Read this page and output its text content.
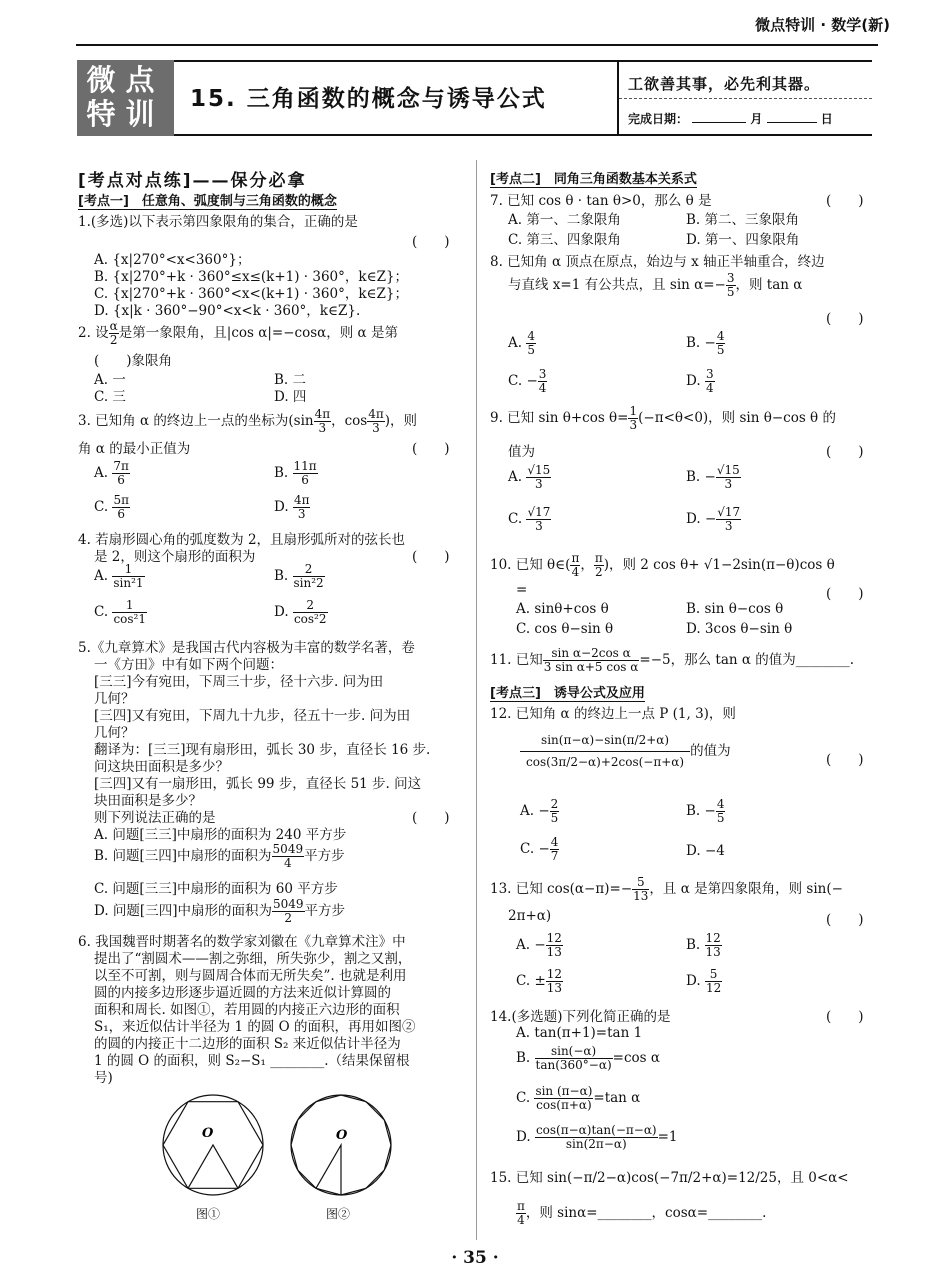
微点特训 · 数学(新)
微点
特训	15. 三角函数的概念与诱导公式
工欲善其事，必先利其器。
完成日期：	月	日
[考点对点练]——保分必拿
[考点一]　任意角、弧度制与三角函数的概念
1.(多选)以下表示第四象限角的集合，正确的是
(　　)
A. {x|270°<x<360°}；
B. {x|270°+k · 360°≤x≤(k+1) · 360°，k∈Z}；
C. {x|270°+k · 360°<x<(k+1) · 360°，k∈Z}；
D. {x|k · 360°−90°<x<k · 360°，k∈Z}.
2. 设 $\frac{\alpha}{2}$ 是第一象限角，且|cos α|=−cosα，则 α 是第
(　　)象限角
A. 一	B. 二
C. 三	D. 四
3. 已知角 α 的终边上一点的坐标为($\sin \frac{4\pi}{3}$ ，$\cos \frac{4\pi}{3}$ )，则
角 α 的最小正值为	(　　)
A. $\frac{7\pi}{6}$	B. $\frac{11\pi}{6}$
C. $\frac{5\pi}{6}$	D. $\frac{4\pi}{3}$
4. 若扇形圆心角的弧度数为 2，且扇形弧所对的弦长也
是 2，则这个扇形的面积为	(　　)
A. $\frac{1}{\text{sin²1}}$	B. $\frac{2}{\text{sin²2}}$
C. $\frac{1}{\text{cos²1}}$	D. $\frac{2}{\text{cos²2}}$
5.《九章算术》是我国古代内容极为丰富的数学名著，卷
一《方田》中有如下两个问题：
[三三]今有宛田，下周三十步，径十六步. 问为田
几何？
[三四]又有宛田，下周九十九步，径五十一步. 问为田
几何？
翻译为：[三三]现有扇形田，弧长 30 步，直径长 16 步.
问这块田面积是多少？
[三四]又有一扇形田，弧长 99 步，直径长 51 步. 问这
块田面积是多少？
则下列说法正确的是	(　　)
A. 问题[三三]中扇形的面积为 240 平方步
B. 问题[三四]中扇形的面积为 $\frac{5049}{4}$ 平方步
C. 问题[三三]中扇形的面积为 60 平方步
D. 问题[三四]中扇形的面积为 $\frac{5049}{2}$ 平方步
6. 我国魏晋时期著名的数学家刘徽在《九章算术注》中
提出了“割圆术——割之弥细，所失弥少，割之又割，
以至不可割，则与圆周合体而无所失矣”. 也就是利用
圆的内接多边形逐步逼近圆的方法来近似计算圆的
面积和周长. 如图①，若用圆的内接正六边形的面积
S₁，来近似估计半径为 1 的圆 O 的面积，再用如图②
的圆的内接正十二边形的面积 S₂ 来近似估计半径为
1 的圆 O 的面积，则 S₂−S₁ ________.（结果保留根
号)
O	O
图①	图②
[考点二]　同角三角函数基本关系式
7. 已知 cos θ · tan θ>0，那么 θ 是	(　　)
A. 第一、二象限角	B. 第二、三象限角
C. 第三、四象限角	D. 第一、四象限角
8. 已知角 α 顶点在原点，始边与 x 轴正半轴重合，终边
与直线 x=1 有公共点，且 $\sin \alpha=- \frac{3}{5}$ ，则 tan α
(　　)
A. $\frac{4}{5}$	B. − $\frac{4}{5}$
C. − $\frac{3}{4}$	D. $\frac{3}{4}$
9. 已知 sin θ+cos $\theta= \frac{1}{3} (-\pi<\theta<0)$，则 sin θ−cos θ 的
值为	(　　)
A. $\frac{√15}{3}$	B. − $\frac{√15}{3}$
C. $\frac{√17}{3}$	D. − $\frac{√17}{3}$
10. 已知 θ∈( $\frac{\pi}{4}$ ， $\frac{\pi}{2}$ )，则 2 cos θ+ √1−2sin(π−θ)cos θ
=	(　　)
A. sinθ+cos θ	B. sin θ−cos θ
C. cos θ−sin θ	D. 3cos θ−sin θ
11. 已知 $\frac{\text{sin α−2cos α}}{\text{3 sin α+5 cos α}} =-5$，那么 tan α 的值为________.
[考点三]　诱导公式及应用
12. 已知角 α 的终边上一点 P (1, 3)，则
$\frac{\sin(\pi-\alpha)-\sin(\pi/2+\alpha)}{\cos(3\pi/2-\alpha)+2\cos(-\pi+\alpha)}$ 的值为
(　　)
A. − $\frac{2}{5}$	B. − $\frac{4}{5}$
C. − $\frac{4}{7}$	D. −4
13. 已知 $\cos(\alpha-\pi)=- \frac{5}{13}$ ，且 α 是第四象限角，则 sin(−
2π+α)	(　　)
A. − $\frac{12}{13}$	B. $\frac{12}{13}$
C. ± $\frac{12}{13}$	D. $\frac{5}{12}$
14.(多选题)下列化简正确的是	(　　)
A. tan(π+1)=tan 1
B. $\frac{\sin(-\alpha)}{\tan(360^\circ-\alpha)} =\cos$ α
C. $\frac{\sin (\pi-\alpha)}{\cos(\pi+\alpha)} =\tan$ α
D. $\frac{\cos(\pi-\alpha)\tan(-\pi-\alpha)}{\sin(2\pi-\alpha)} =1$
15. 已知 sin(−π/2−α)cos(−7π/2+α)=12/25，且 0<α<
$\frac{\pi}{4}$ ，则 sinα=________，cosα=________.
· 35 ·
